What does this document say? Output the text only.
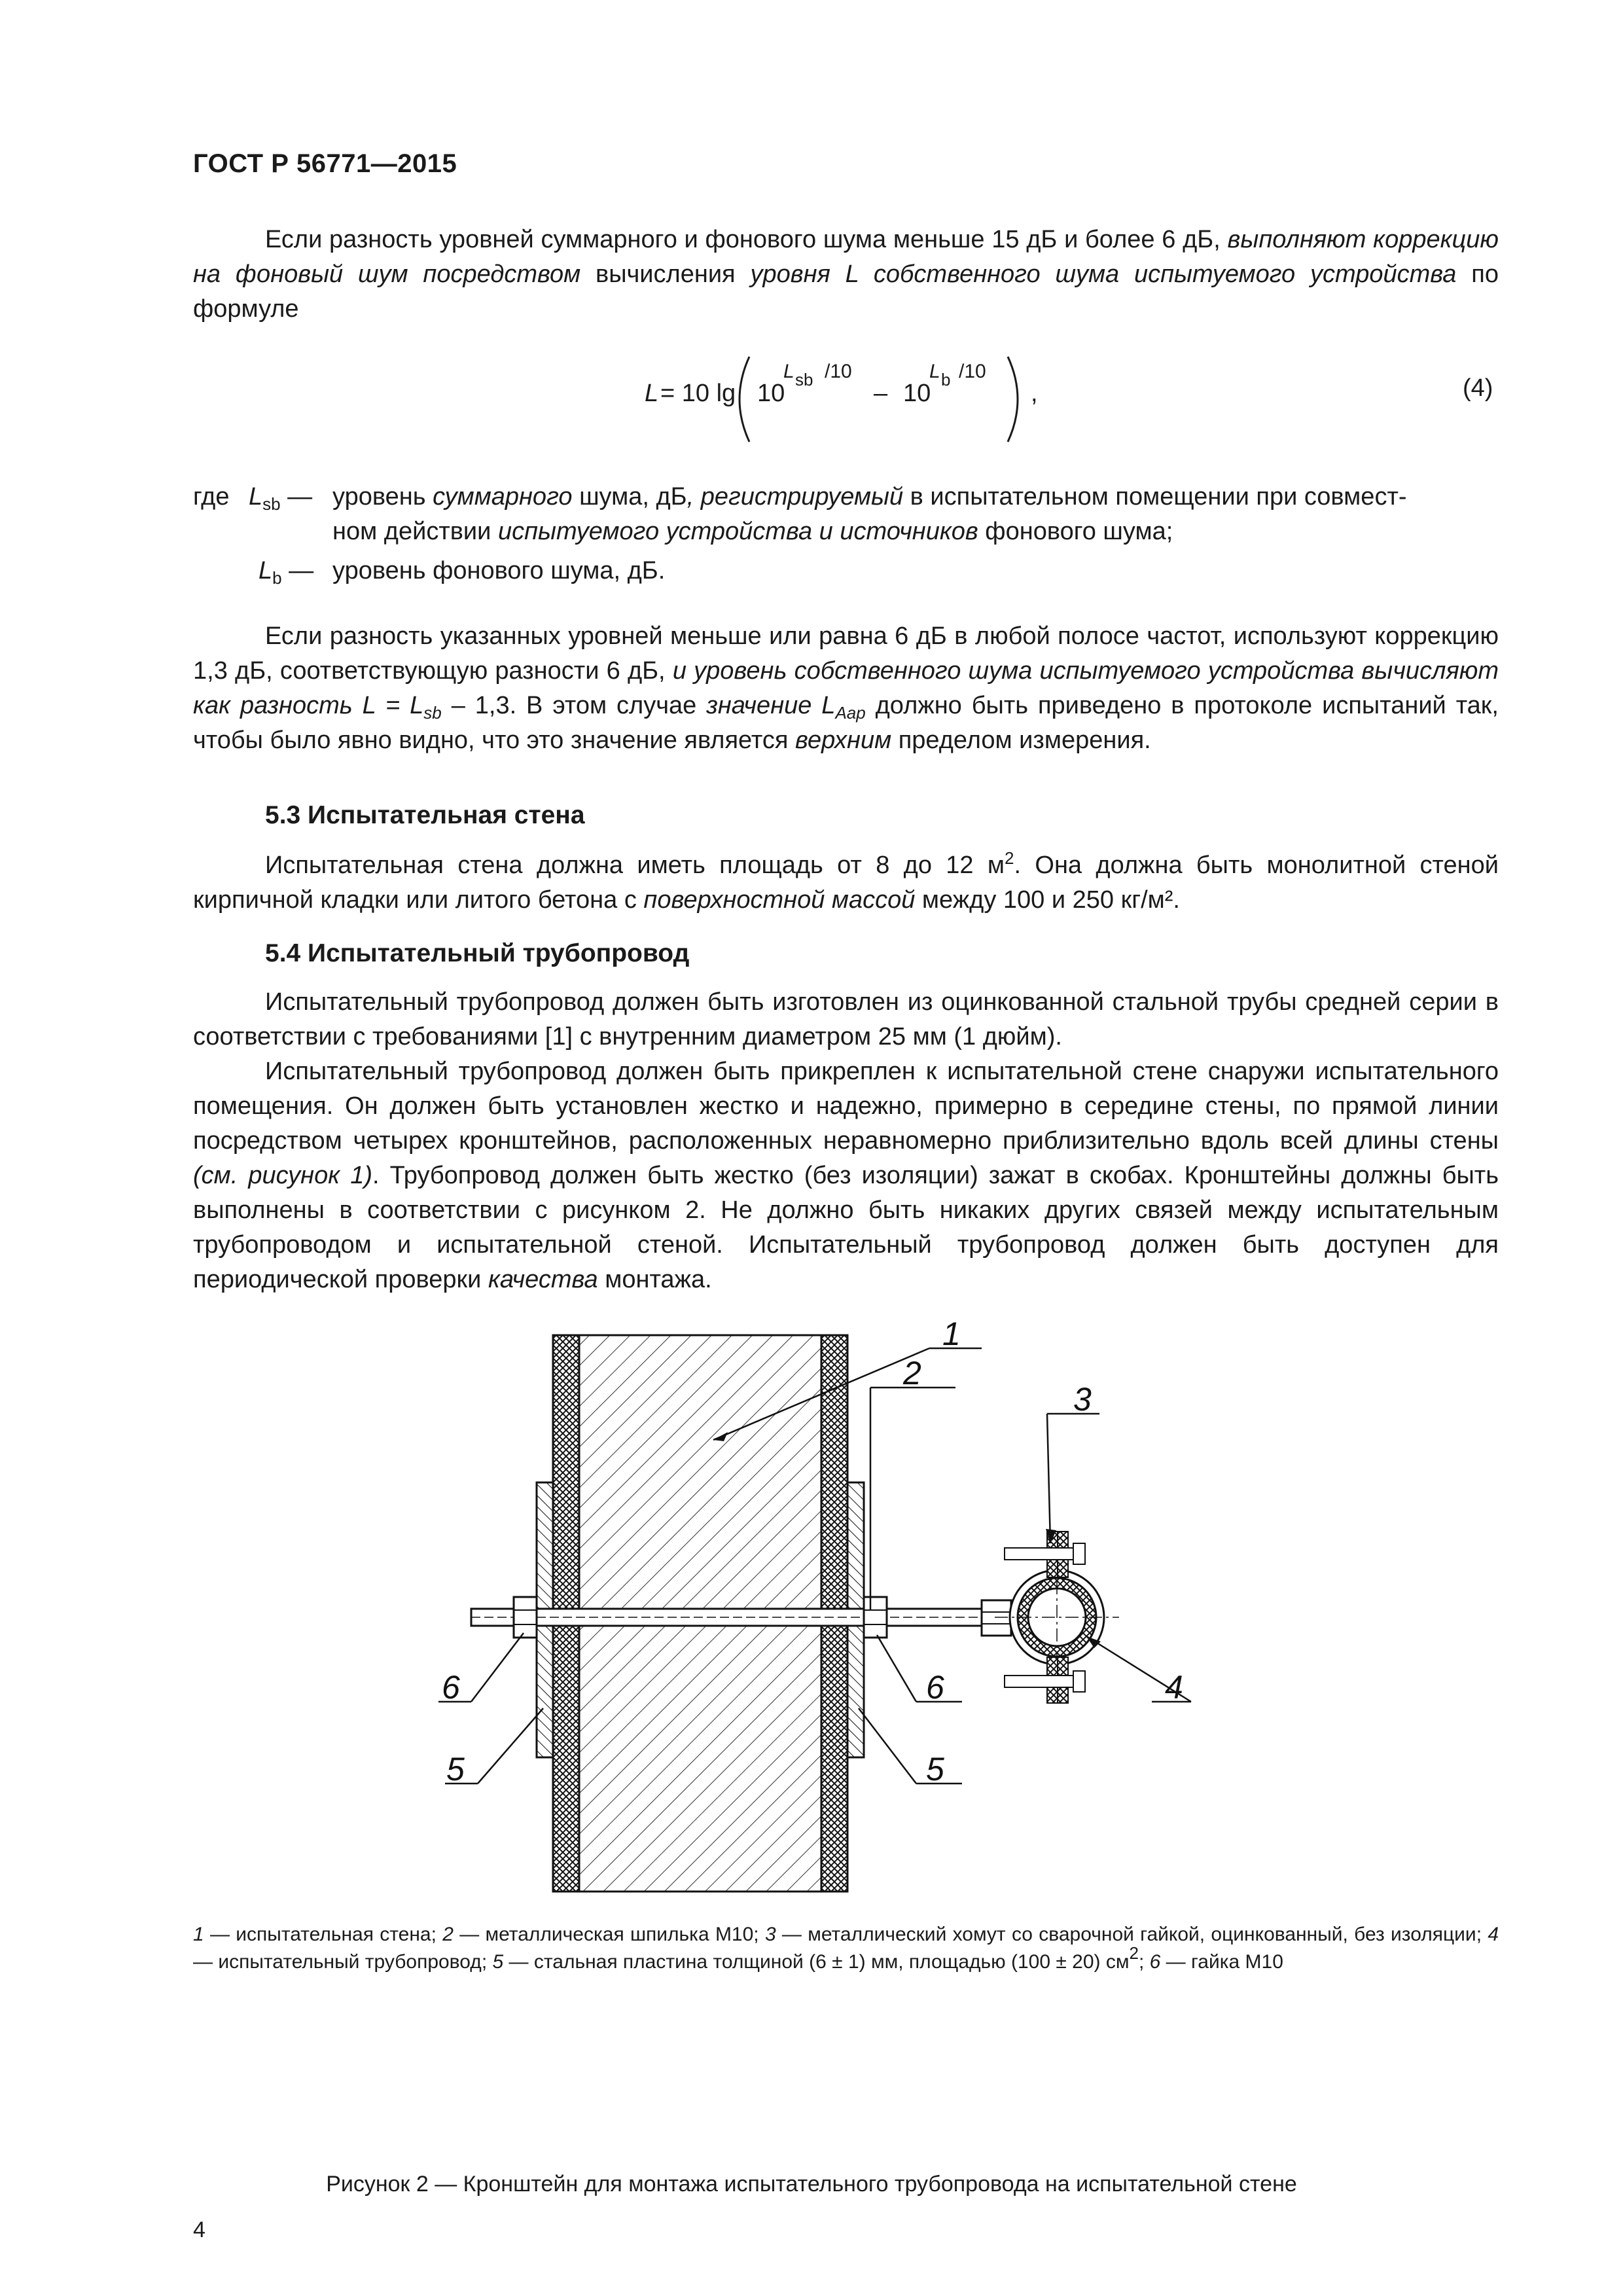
ГОСТ Р 56771—2015
Если разность уровней суммарного и фонового шума меньше 15 дБ и более 6 дБ, выполняют коррекцию на фоновый шум посредством вычисления уровня L собственного шума испытуемого устройства по формуле
L = 10 lg 10
L sb /10
– 10
L b /10
,	(4)
где $L_{sb}$ — уровень суммарного шума, дБ, регистрируемый в испытательном помещении при совмест-
ном действии испытуемого устройства и источников фонового шума;
$L_b$ — уровень фонового шума, дБ.
Если разность указанных уровней меньше или равна 6 дБ в любой полосе частот, используют коррекцию 1,3 дБ, соответствующую разности 6 дБ, и уровень собственного шума испытуемого устройства вычисляют как разность $L = L_{sb} - 1,3$. В этом случае значение $L_{Aap}$ должно быть приведено в протоколе испытаний так, чтобы было явно видно, что это значение является верхним пределом измерения.
5.3 Испытательная стена
Испытательная стена должна иметь площадь от 8 до 12 $м^2$. Она должна быть монолитной стеной кирпичной кладки или литого бетона с поверхностной массой между 100 и 250 кг/м².
5.4 Испытательный трубопровод
Испытательный трубопровод должен быть изготовлен из оцинкованной стальной трубы средней серии в соответствии с требованиями [1] с внутренним диаметром 25 мм (1 дюйм).
Испытательный трубопровод должен быть прикреплен к испытательной стене снаружи испытательного помещения. Он должен быть установлен жестко и надежно, примерно в середине стены, по прямой линии посредством четырех кронштейнов, расположенных неравномерно приблизительно вдоль всей длины стены (см. рисунок 1). Трубопровод должен быть жестко (без изоляции) зажат в скобах. Кронштейны должны быть выполнены в соответствии с рисунком 2. Не должно быть никаких других связей между испытательным трубопроводом и испытательной стеной. Испытательный трубопровод должен быть доступен для периодической проверки качества монтажа.
1
2
3
4
5	5
6	6
1 — испытательная стена; 2 — металлическая шпилька М10; 3 — металлический хомут со сварочной гайкой, оцинкованный, без изоляции; 4 — испытательный трубопровод; 5 — стальная пластина толщиной (6 ± 1) мм, площадью (100 ± 20) $см^2$; 6 — гайка М10
Рисунок 2 — Кронштейн для монтажа испытательного трубопровода на испытательной стене
4
